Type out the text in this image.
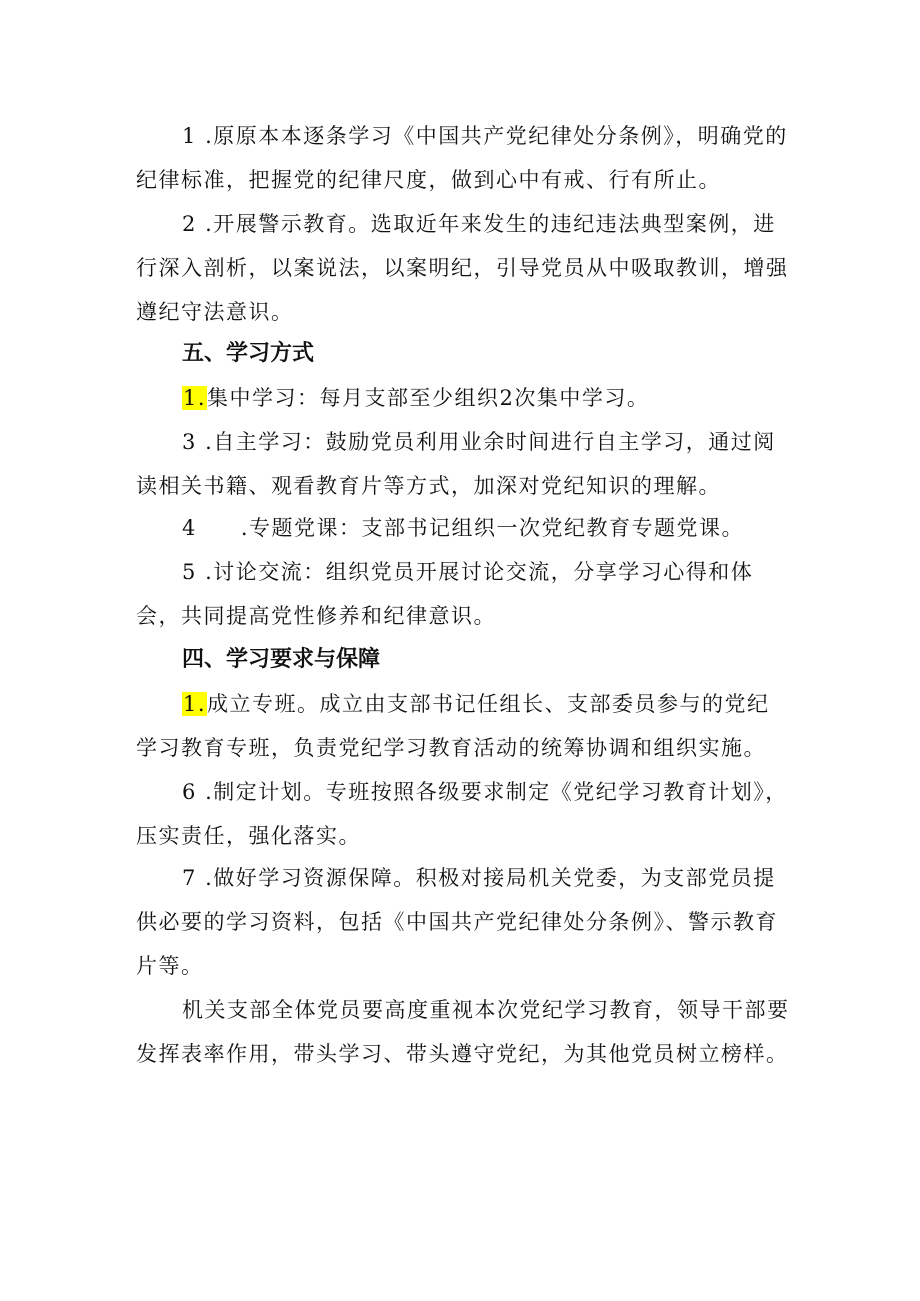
1 .原原本本逐条学习《中国共产党纪律处分条例》，明确党的纪律标准，把握党的纪律尺度，做到心中有戒、行有所止。

2 .开展警示教育。选取近年来发生的违纪违法典型案例，进行深入剖析，以案说法，以案明纪，引导党员从中吸取教训，增强遵纪守法意识。

五、学习方式

1.集中学习：每月支部至少组织2次集中学习。

3 .自主学习：鼓励党员利用业余时间进行自主学习，通过阅读相关书籍、观看教育片等方式，加深对党纪知识的理解。

4 .专题党课：支部书记组织一次党纪教育专题党课。

5 .讨论交流：组织党员开展讨论交流，分享学习心得和体会，共同提高党性修养和纪律意识。

四、学习要求与保障

1.成立专班。成立由支部书记任组长、支部委员参与的党纪学习教育专班，负责党纪学习教育活动的统筹协调和组织实施。

6 .制定计划。专班按照各级要求制定《党纪学习教育计划》，压实责任，强化落实。

7 .做好学习资源保障。积极对接局机关党委，为支部党员提供必要的学习资料，包括《中国共产党纪律处分条例》、警示教育片等。

机关支部全体党员要高度重视本次党纪学习教育，领导干部要发挥表率作用，带头学习、带头遵守党纪，为其他党员树立榜样。
